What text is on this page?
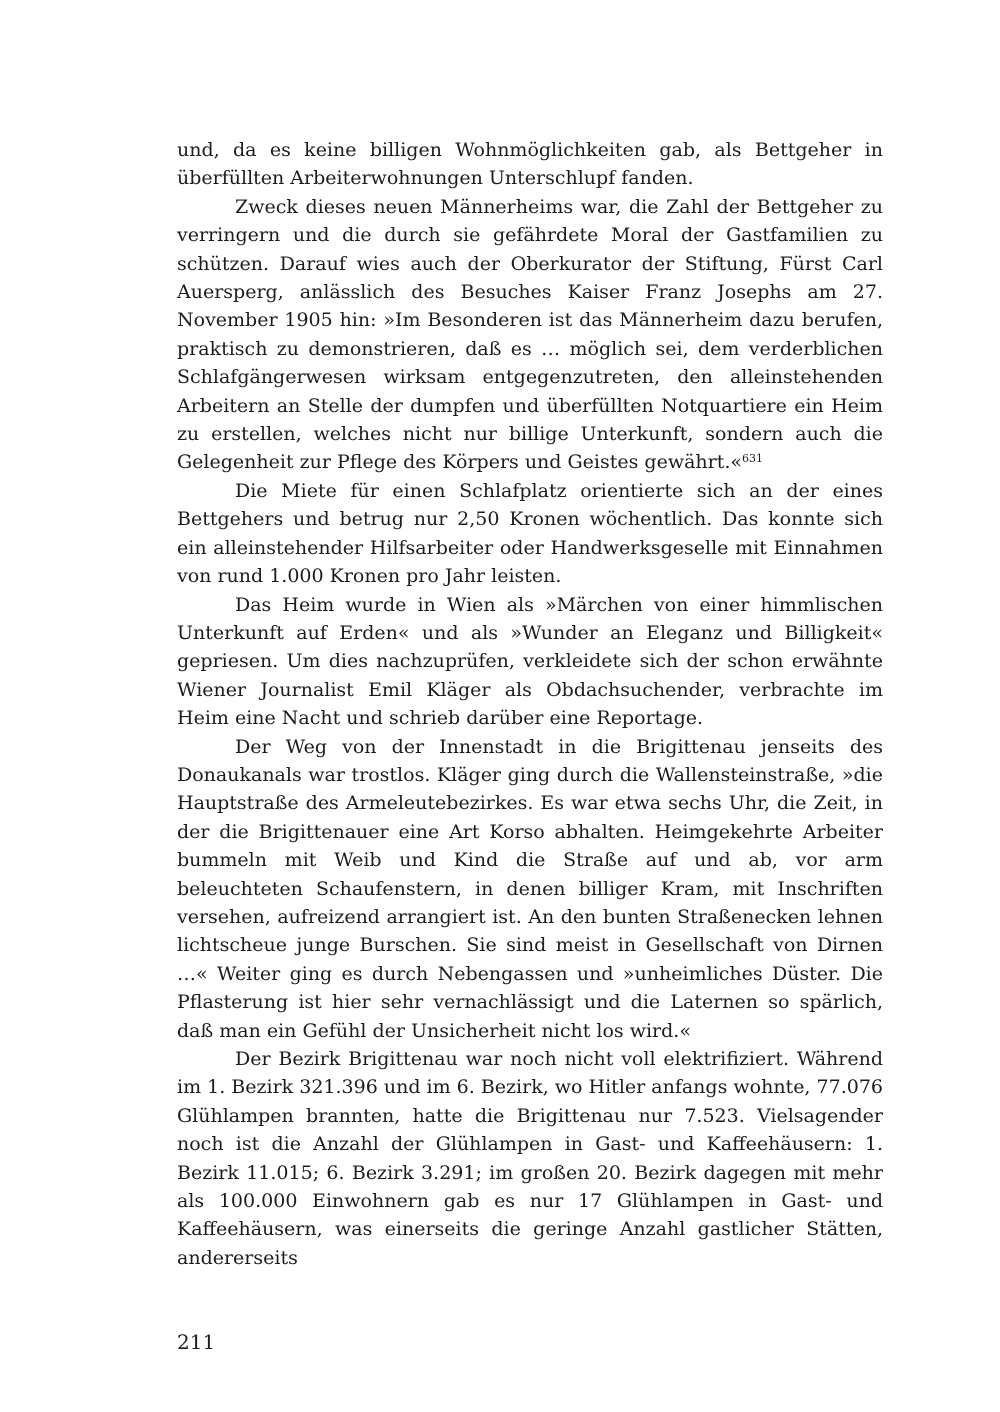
und, da es keine billigen Wohnmöglichkeiten gab, als Bettgeher in überfüllten Arbeiterwohnungen Unterschlupf fanden.

Zweck dieses neuen Männerheims war, die Zahl der Bettgeher zu verringern und die durch sie gefährdete Moral der Gastfamilien zu schützen. Darauf wies auch der Oberkurator der Stiftung, Fürst Carl Auersperg, anlässlich des Besuches Kaiser Franz Josephs am 27. November 1905 hin: »Im Besonderen ist das Männerheim dazu berufen, praktisch zu demonstrieren, daß es … möglich sei, dem verderblichen Schlafgängerwesen wirksam entgegenzutreten, den alleinstehenden Arbeitern an Stelle der dumpfen und überfüllten Notquartiere ein Heim zu erstellen, welches nicht nur billige Unterkunft, sondern auch die Gelegenheit zur Pflege des Körpers und Geistes gewährt.«$^{631}$

Die Miete für einen Schlafplatz orientierte sich an der eines Bettgehers und betrug nur 2,50 Kronen wöchentlich. Das konnte sich ein alleinstehender Hilfsarbeiter oder Handwerksgeselle mit Einnahmen von rund 1.000 Kronen pro Jahr leisten.

Das Heim wurde in Wien als »Märchen von einer himmlischen Unterkunft auf Erden« und als »Wunder an Eleganz und Billigkeit« gepriesen. Um dies nachzuprüfen, verkleidete sich der schon erwähnte Wiener Journalist Emil Kläger als Obdachsuchender, verbrachte im Heim eine Nacht und schrieb darüber eine Reportage.

Der Weg von der Innenstadt in die Brigittenau jenseits des Donaukanals war trostlos. Kläger ging durch die Wallensteinstraße, »die Hauptstraße des Armeleutebezirkes. Es war etwa sechs Uhr, die Zeit, in der die Brigittenauer eine Art Korso abhalten. Heimgekehrte Arbeiter bummeln mit Weib und Kind die Straße auf und ab, vor arm beleuchteten Schaufenstern, in denen billiger Kram, mit Inschriften versehen, aufreizend arrangiert ist. An den bunten Straßenecken lehnen lichtscheue junge Burschen. Sie sind meist in Gesellschaft von Dirnen …« Weiter ging es durch Nebengassen und »unheimliches Düster. Die Pflasterung ist hier sehr vernachlässigt und die Laternen so spärlich, daß man ein Gefühl der Unsicherheit nicht los wird.«

Der Bezirk Brigittenau war noch nicht voll elektrifiziert. Während im 1. Bezirk 321.396 und im 6. Bezirk, wo Hitler anfangs wohnte, 77.076 Glühlampen brannten, hatte die Brigittenau nur 7.523. Vielsagender noch ist die Anzahl der Glühlampen in Gast- und Kaffeehäusern: 1. Bezirk 11.015; 6. Bezirk 3.291; im großen 20. Bezirk dagegen mit mehr als 100.000 Einwohnern gab es nur 17 Glühlampen in Gast- und Kaffeehäusern, was einerseits die geringe Anzahl gastlicher Stätten, andererseits

211
